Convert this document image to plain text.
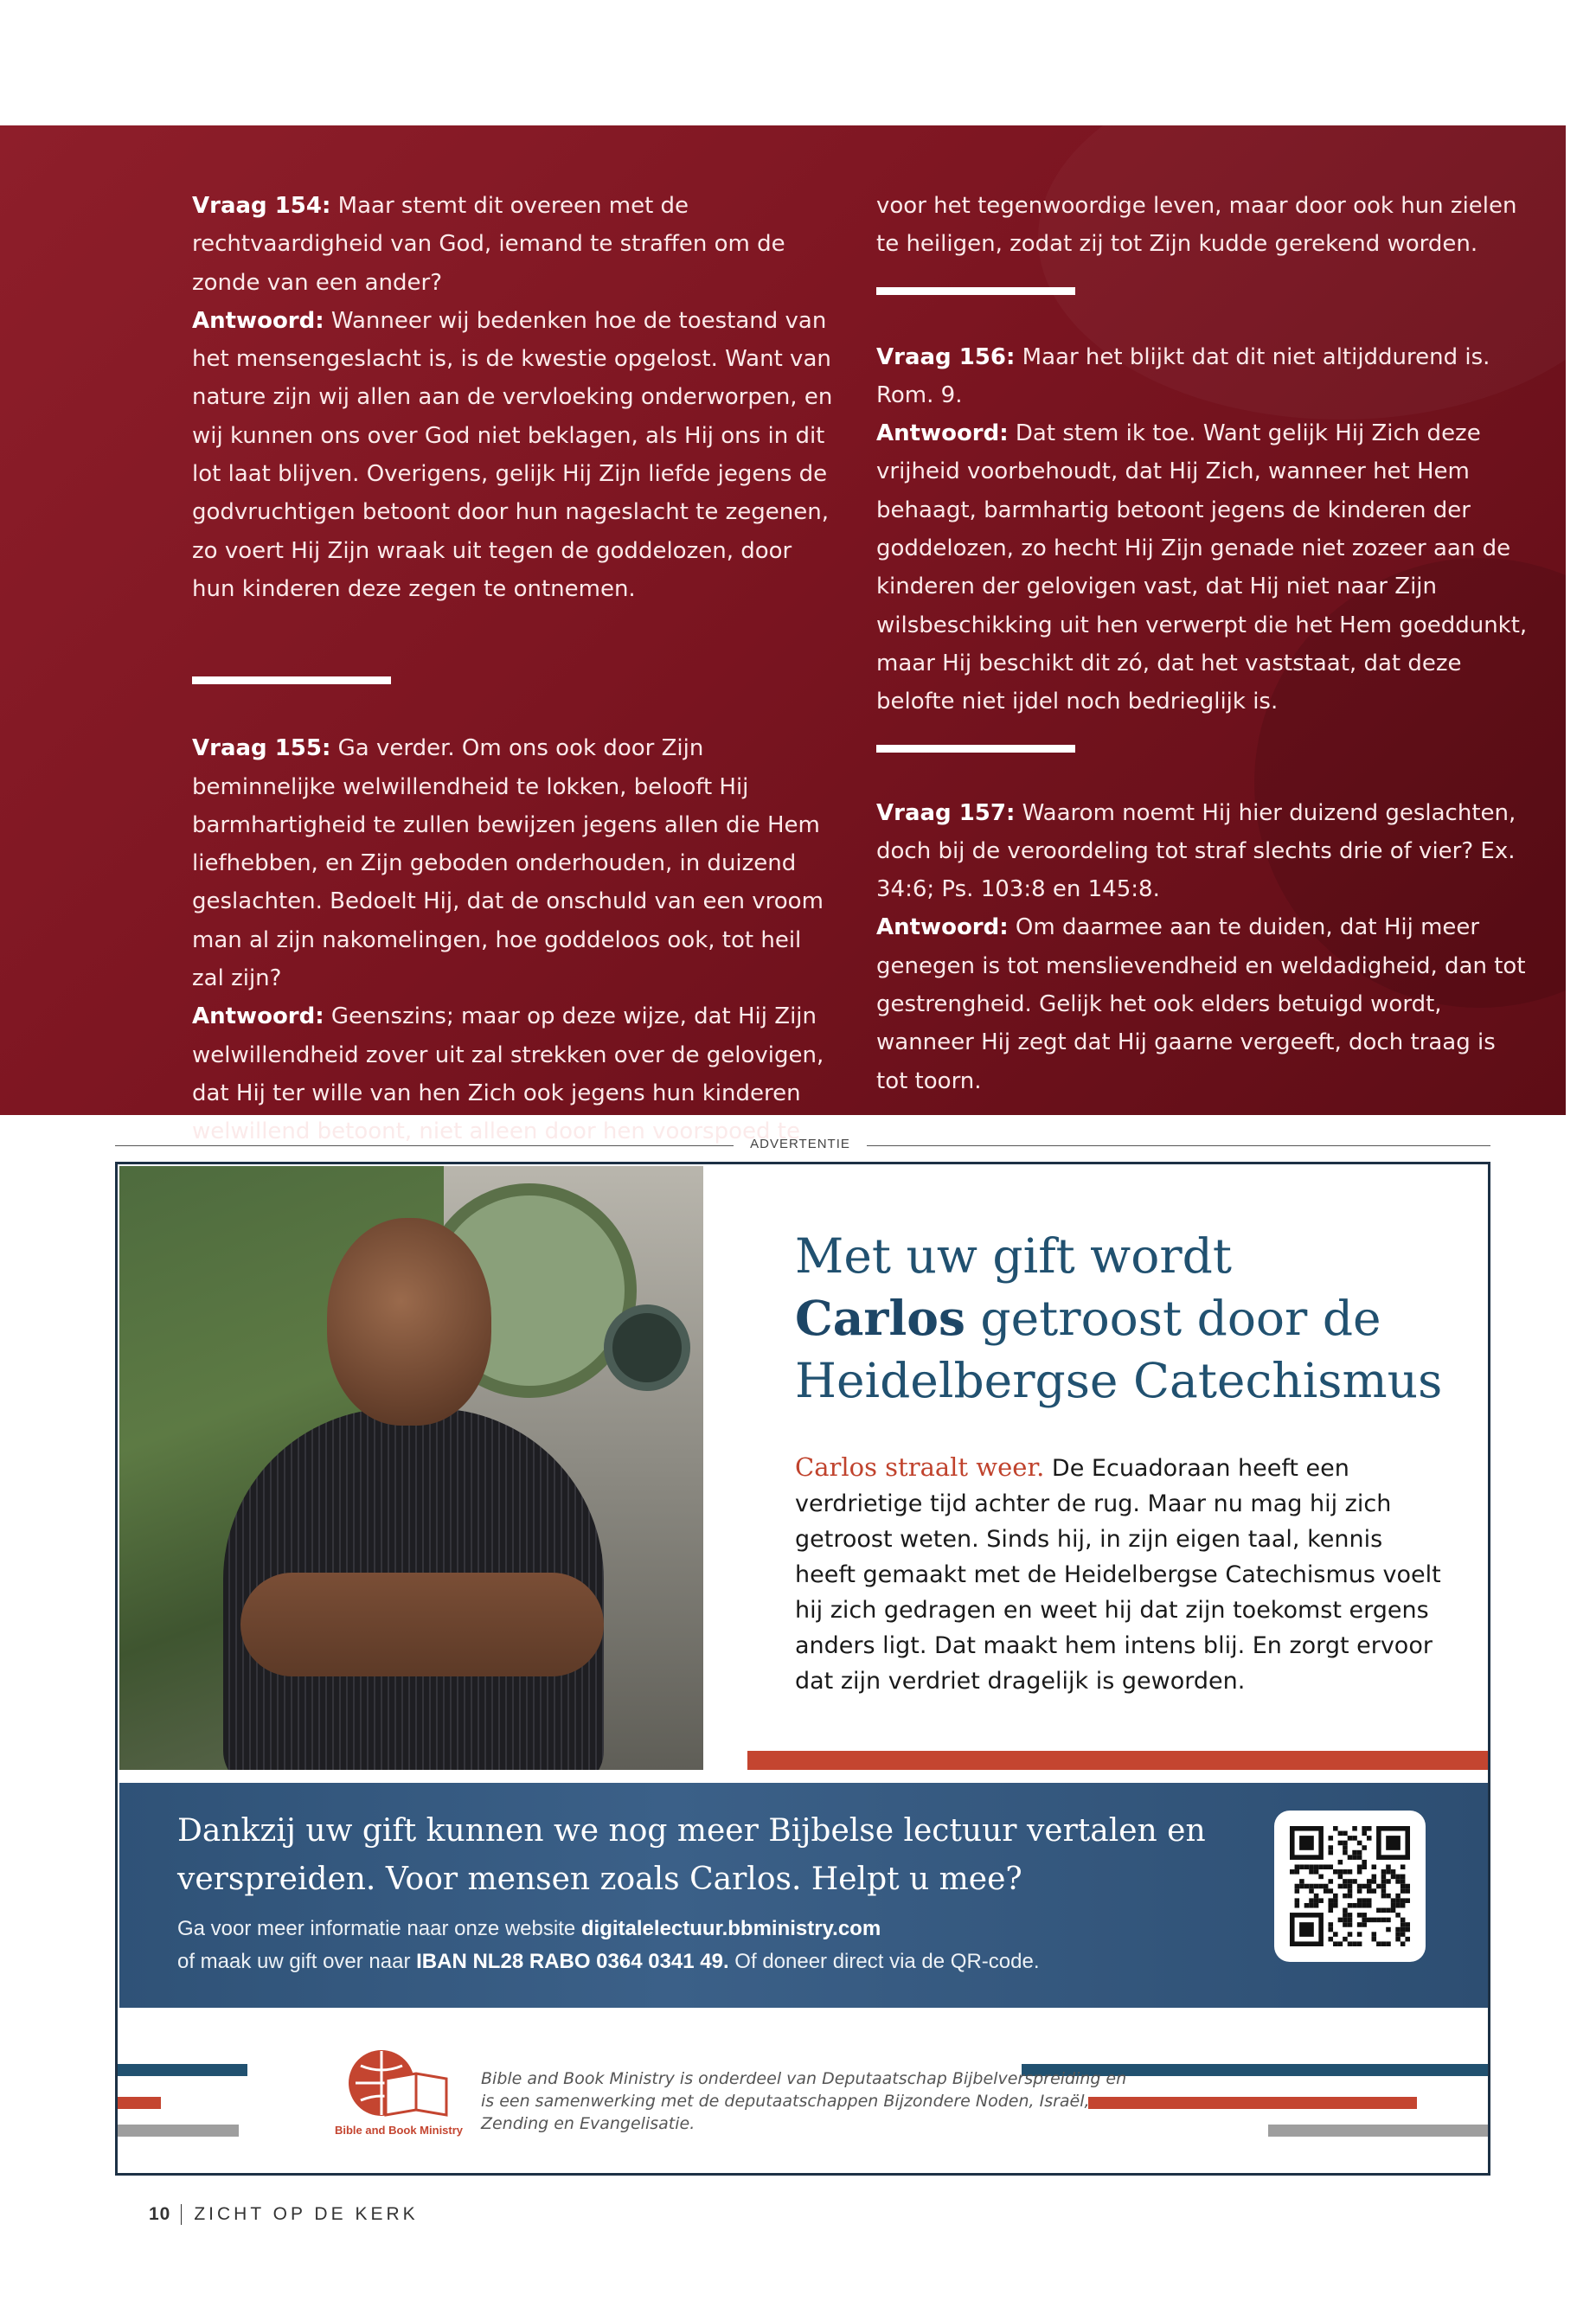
Vraag 154: Maar stemt dit overeen met de rechtvaardigheid van God, iemand te straffen om de zonde van een ander?

Antwoord: Wanneer wij bedenken hoe de toestand van het mensengeslacht is, is de kwestie opgelost. Want van nature zijn wij allen aan de vervloeking onderworpen, en wij kunnen ons over God niet beklagen, als Hij ons in dit lot laat blijven. Overigens, gelijk Hij Zijn liefde jegens de godvruchtigen betoont door hun nageslacht te zegenen, zo voert Hij Zijn wraak uit tegen de goddelozen, door hun kinderen deze zegen te ontnemen.

Vraag 155: Ga verder. Om ons ook door Zijn beminnelijke welwillendheid te lokken, belooft Hij barmhartigheid te zullen bewijzen jegens allen die Hem liefhebben, en Zijn geboden onderhouden, in duizend geslachten. Bedoelt Hij, dat de onschuld van een vroom man al zijn nakomelingen, hoe goddeloos ook, tot heil zal zijn?

Antwoord: Geenszins; maar op deze wijze, dat Hij Zijn welwillendheid zover uit zal strekken over de gelovigen, dat Hij ter wille van hen Zich ook jegens hun kinderen welwillend betoont, niet alleen door hen voorspoed te

voor het tegenwoordige leven, maar door ook hun zielen te heiligen, zodat zij tot Zijn kudde gerekend worden.

Vraag 156: Maar het blijkt dat dit niet altijddurend is. Rom. 9.

Antwoord: Dat stem ik toe. Want gelijk Hij Zich deze vrijheid voorbehoudt, dat Hij Zich, wanneer het Hem behaagt, barmhartig betoont jegens de kinderen der goddelozen, zo hecht Hij Zijn genade niet zozeer aan de kinderen der gelovigen vast, dat Hij niet naar Zijn wilsbeschikking uit hen verwerpt die het Hem goeddunkt, maar Hij beschikt dit zó, dat het vaststaat, dat deze belofte niet ijdel noch bedrieglijk is.

Vraag 157: Waarom noemt Hij hier duizend geslachten, doch bij de veroordeling tot straf slechts drie of vier? Ex. 34:6; Ps. 103:8 en 145:8.

Antwoord: Om daarmee aan te duiden, dat Hij meer genegen is tot menslievendheid en weldadigheid, dan tot gestrengheid. Gelijk het ook elders betuigd wordt, wanneer Hij zegt dat Hij gaarne vergeeft, doch traag is tot toorn.

ADVERTENTIE
Met uw gift wordt
Carlos getroost door de
Heidelbergse Catechismus
Carlos straalt weer. De Ecuadoraan heeft een verdrietige tijd achter de rug. Maar nu mag hij zich getroost weten. Sinds hij, in zijn eigen taal, kennis heeft gemaakt met de Heidelbergse Catechismus voelt hij zich gedragen en weet hij dat zijn toekomst ergens anders ligt. Dat maakt hem intens blij. En zorgt ervoor dat zijn verdriet dragelijk is geworden.
Dankzij uw gift kunnen we nog meer Bijbelse lectuur vertalen en verspreiden. Voor mensen zoals Carlos. Helpt u mee?
Ga voor meer informatie naar onze website digitalelectuur.bbministry.com
of maak uw gift over naar IBAN NL28 RABO 0364 0341 49. Of doneer direct via de QR-code.
Bible and Book Ministry
Bible and Book Ministry is onderdeel van Deputaatschap Bijbelverspreiding en is een samenwerking met de deputaatschappen Bijzondere Noden, Israël, Zending en Evangelisatie.
10 ZICHT OP DE KERK
